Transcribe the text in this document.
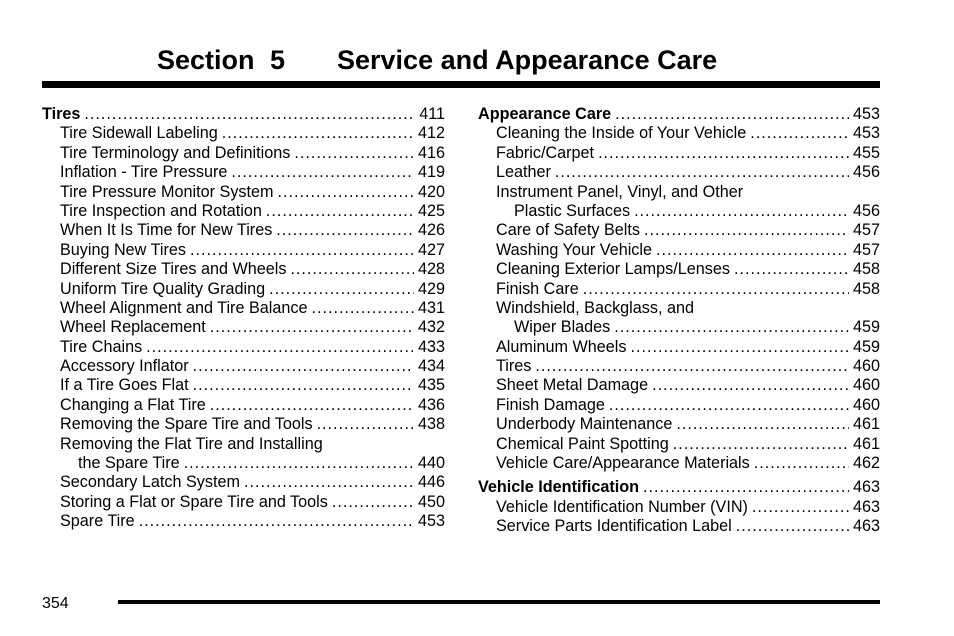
Section 5 Service and Appearance Care
Tires .....	411
Tire Sidewall Labeling .....	412
Tire Terminology and Definitions .....	416
Inflation - Tire Pressure .....	419
Tire Pressure Monitor System .....	420
Tire Inspection and Rotation .....	425
When It Is Time for New Tires .....	426
Buying New Tires .....	427
Different Size Tires and Wheels .....	428
Uniform Tire Quality Grading .....	429
Wheel Alignment and Tire Balance .....	431
Wheel Replacement .....	432
Tire Chains .....	433
Accessory Inflator .....	434
If a Tire Goes Flat .....	435
Changing a Flat Tire .....	436
Removing the Spare Tire and Tools .....	438
Removing the Flat Tire and Installing
the Spare Tire .....	440
Secondary Latch System .....	446
Storing a Flat or Spare Tire and Tools .....	450
Spare Tire .....	453
Appearance Care .....	453
Cleaning the Inside of Your Vehicle .....	453
Fabric/Carpet .....	455
Leather .....	456
Instrument Panel, Vinyl, and Other
Plastic Surfaces .....	456
Care of Safety Belts .....	457
Washing Your Vehicle .....	457
Cleaning Exterior Lamps/Lenses .....	458
Finish Care .....	458
Windshield, Backglass, and
Wiper Blades .....	459
Aluminum Wheels .....	459
Tires .....	460
Sheet Metal Damage .....	460
Finish Damage .....	460
Underbody Maintenance .....	461
Chemical Paint Spotting .....	461
Vehicle Care/Appearance Materials .....	462
Vehicle Identification .....	463
Vehicle Identification Number (VIN) .....	463
Service Parts Identification Label .....	463
354
